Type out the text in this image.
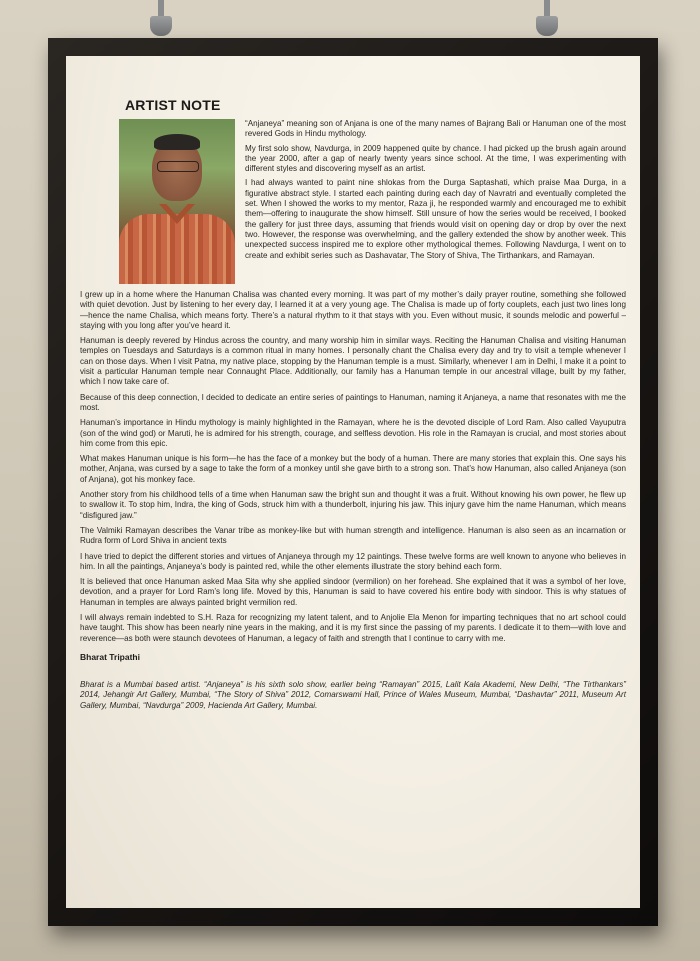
ARTIST NOTE

“Anjaneya” meaning son of Anjana is one of the many names of Bajrang Bali or Hanuman one of the most revered Gods in Hindu mythology.

My first solo show, Navdurga, in 2009 happened quite by chance. I had picked up the brush again around the year 2000, after a gap of nearly twenty years since school. At the time, I was experimenting with different styles and discovering myself as an artist.

I had always wanted to paint nine shlokas from the Durga Saptashati, which praise Maa Durga, in a figurative abstract style. I started each painting during each day of Navratri and eventually completed the set. When I showed the works to my mentor, Raza ji, he responded warmly and encouraged me to exhibit them—offering to inaugurate the show himself. Still unsure of how the series would be received, I booked the gallery for just three days, assuming that friends would visit on opening day or drop by over the next two. However, the response was overwhelming, and the gallery extended the show by another week. This unexpected success inspired me to explore other mythological themes. Following Navdurga, I went on to create and exhibit series such as Dashavatar, The Story of Shiva, The Tirthankars, and Ramayan.

I grew up in a home where the Hanuman Chalisa was chanted every morning. It was part of my mother’s daily prayer routine, something she followed with quiet devotion. Just by listening to her every day, I learned it at a very young age. The Chalisa is made up of forty couplets, each just two lines long—hence the name Chalisa, which means forty. There’s a natural rhythm to it that stays with you. Even without music, it sounds melodic and powerful – staying with you long after you’ve heard it.

Hanuman is deeply revered by Hindus across the country, and many worship him in similar ways. Reciting the Hanuman Chalisa and visiting Hanuman temples on Tuesdays and Saturdays is a common ritual in many homes. I personally chant the Chalisa every day and try to visit a temple whenever I can on those days. When I visit Patna, my native place, stopping by the Hanuman temple is a must. Similarly, whenever I am in Delhi, I make it a point to visit a particular Hanuman temple near Connaught Place. Additionally, our family has a Hanuman temple in our ancestral village, built by my father, which I now take care of.

Because of this deep connection, I decided to dedicate an entire series of paintings to Hanuman, naming it Anjaneya, a name that resonates with me the most.

Hanuman’s importance in Hindu mythology is mainly highlighted in the Ramayan, where he is the devoted disciple of Lord Ram. Also called Vayuputra (son of the wind god) or Maruti, he is admired for his strength, courage, and selfless devotion. His role in the Ramayan is crucial, and most stories about him come from this epic.

What makes Hanuman unique is his form—he has the face of a monkey but the body of a human. There are many stories that explain this. One says his mother, Anjana, was cursed by a sage to take the form of a monkey until she gave birth to a strong son. That’s how Hanuman, also called Anjaneya (son of Anjana), got his monkey face.

Another story from his childhood tells of a time when Hanuman saw the bright sun and thought it was a fruit. Without knowing his own power, he flew up to swallow it. To stop him, Indra, the king of Gods, struck him with a thunderbolt, injuring his jaw. This injury gave him the name Hanuman, which means “disfigured jaw.”

The Valmiki Ramayan describes the Vanar tribe as monkey-like but with human strength and intelligence. Hanuman is also seen as an incarnation or Rudra form of Lord Shiva in ancient texts

I have tried to depict the different stories and virtues of Anjaneya through my 12 paintings. These twelve forms are well known to anyone who believes in him. In all the paintings, Anjaneya’s body is painted red, while the other elements illustrate the story behind each form.

It is believed that once Hanuman asked Maa Sita why she applied sindoor (vermilion) on her forehead. She explained that it was a symbol of her love, devotion, and a prayer for Lord Ram’s long life. Moved by this, Hanuman is said to have covered his entire body with sindoor. This is why statues of Hanuman in temples are always painted bright vermilion red.

I will always remain indebted to S.H. Raza for recognizing my latent talent, and to Anjolie Ela Menon for imparting techniques that no art school could have taught. This show has been nearly nine years in the making, and it is my first since the passing of my parents. I dedicate it to them—with love and reverence—as both were staunch devotees of Hanuman, a legacy of faith and strength that I continue to carry with me.

Bharat Tripathi

Bharat is a Mumbai based artist. “Anjaneya” is his sixth solo show, earlier being “Ramayan” 2015, Lalit Kala Akademi, New Delhi, “The Tirthankars” 2014, Jehangir Art Gallery, Mumbai, “The Story of Shiva” 2012, Comarswami Hall, Prince of Wales Museum, Mumbai, “Dashavtar” 2011, Museum Art Gallery, Mumbai, “Navdurga” 2009, Hacienda Art Gallery, Mumbai.
